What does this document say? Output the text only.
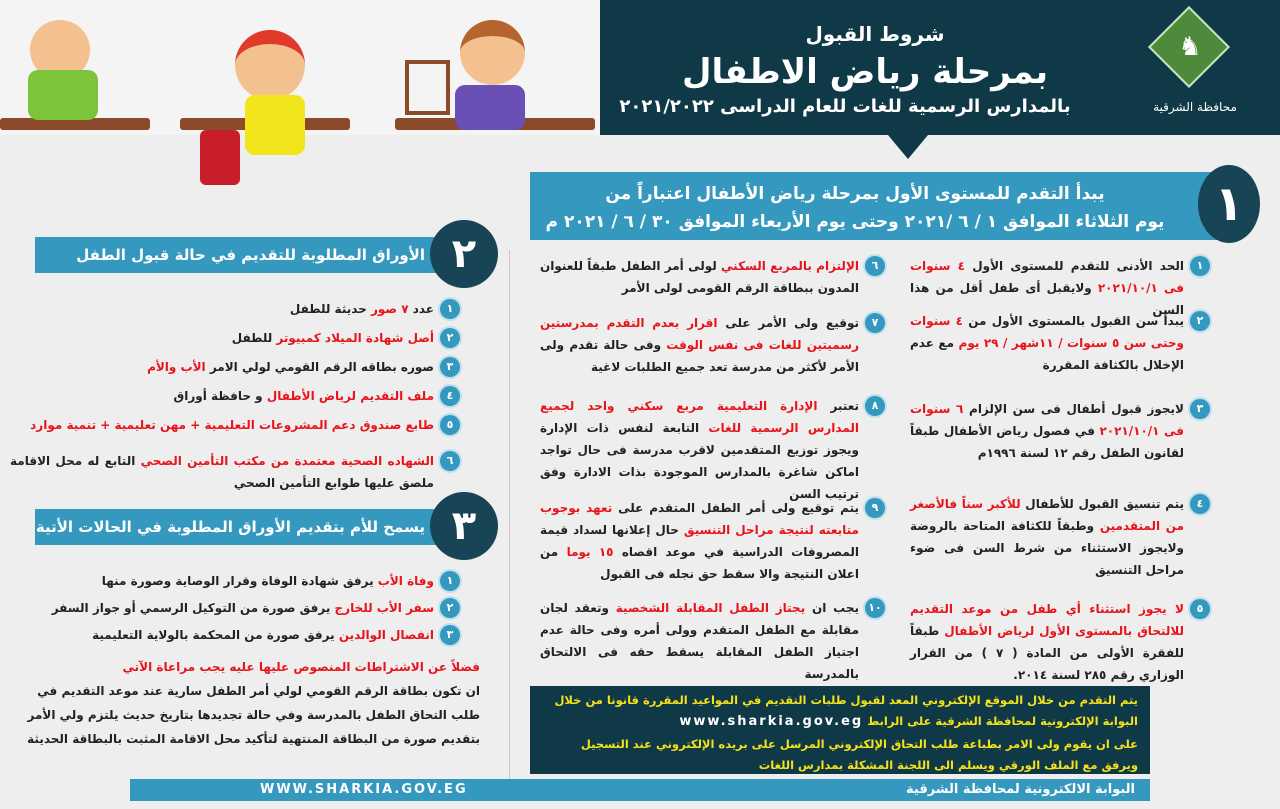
شروط القبول
بمرحلة رياض الاطفال
بالمدارس الرسمية للغات للعام الدراسى ٢٠٢١/٢٠٢٢
♞
محافظة الشرقية
يبدأ التقدم للمستوى الأول بمرحلة رياض الأطفال اعتباراً من
يوم الثلاثاء الموافق ١ / ٦ /٢٠٢١ وحتى يوم الأربعاء الموافق ٣٠ / ٦ / ٢٠٢١ م	١
الأوراق المطلوبة للتقديم في حالة قبول الطفل ٢
يسمح للأم بتقديم الأوراق المطلوبة في الحالات الأتية ٣
١
الحد الأدنى للتقدم للمستوى الأول ٤ سنوات فى ٢٠٢١/١٠/١ ولايقبل أى طفل أقل من هذا السن
٢
يبدأ سن القبول بالمستوى الأول من ٤ سنوات وحتى سن ٥ سنوات / ١١شهر / ٢٩ يوم مع عدم الإخلال بالكثافة المقررة
٣
لايجوز قبول أطفال فى سن الإلزام ٦ سنوات فى ٢٠٢١/١٠/١ في فصول رياض الأطفال طبقاً لقانون الطفل رقم ١٢ لسنة ١٩٩٦م
٤
يتم تنسيق القبول للأطفال للأكبر سناً فالأصغر من المتقدمين وطبقاً للكثافة المتاحة بالروضة ولايجوز الاستثناء من شرط السن فى ضوء مراحل التنسيق
٥
لا يجوز استثناء أي طفل من موعد التقديم للالتحاق بالمستوى الأول لرياض الأطفال طبقاً للفقرة الأولى من المادة ( ٧ ) من القرار الوزاري رقم ٢٨٥ لسنة ٢٠١٤.
٦
الإلتزام بالمربع السكني لولى أمر الطفل طبقاً للعنوان المدون ببطاقة الرقم القومى لولى الأمر
٧
توقيع ولى الأمر على اقرار بعدم التقدم بمدرستين رسميتين للغات فى نفس الوقت وفى حالة تقدم ولى الأمر لأكثر من مدرسة تعد جميع الطلبات لاغية
٨
تعتبر الإدارة التعليمية مربع سكني واحد لجميع المدارس الرسمية للغات التابعة لنفس ذات الإدارة ويجوز توزيع المتقدمين لاقرب مدرسة فى حال تواجد اماكن شاغرة بالمدارس الموجودة بذات الادارة وفق ترتيب السن
٩
يتم توقيع ولى أمر الطفل المتقدم على تعهد بوجوب متابعته لنتيجة مراحل التنسيق حال إعلانها لسداد قيمة المصروفات الدراسية في موعد اقصاه ١٥ يوما من اعلان النتيجة والا سقط حق نجله فى القبول
١٠
يجب ان يجتاز الطفل المقابلة الشخصية وتعقد لجان مقابلة مع الطفل المتقدم وولى أمره وفى حالة عدم اجتياز الطفل المقابلة يسقط حقه فى الالتحاق بالمدرسة
١
عدد ٧ صور حديثة للطفل
٢
أصل شهادة الميلاد كمبيوتر للطفل
٣
صوره بطاقه الرقم القومي لولي الامر الأب والأم
٤
ملف التقديم لرياض الأطفال و حافظة أوراق
٥
طابع صندوق دعم المشروعات التعليمية + مهن تعليمية + تنمية موارد
٦
الشهاده الصحية معتمدة من مكتب التأمين الصحي التابع له محل الاقامة ملصق عليها طوابع التأمين الصحي
١
وفاة الأب يرفق شهادة الوفاة وقرار الوصاية وصورة منها
٢
سفر الأب للخارج يرفق صورة من التوكيل الرسمي أو جواز السفر
٣
انفصال الوالدين يرفق صورة من المحكمة بالولاية التعليمية
فضلاً عن الاشتراطات المنصوص عليها عليه يجب مراعاة الآتي
ان تكون بطاقة الرقم القومي لولي أمر الطفل سارية عند موعد التقديم في طلب التحاق الطفل بالمدرسة وفي حالة تجديدها بتاريخ حديث يلتزم ولي الأمر بتقديم صورة من البطاقة المنتهية لتأكيد محل الاقامة المثبت بالبطاقة الحديثة
يتم التقدم من خلال الموقع الإلكتروني المعد لقبول طلبات التقديم في المواعيد المقررة قانونا من خلال البوابة الإلكترونية لمحافظة الشرقية على الرابط www.sharkia.gov.eg
على ان يقوم ولى الامر بطباعة طلب التحاق الإلكتروني المرسل على بريده الإلكتروني عند التسجيل ويرفق مع الملف الورقي ويسلم الى اللجنة المشكلة بمدارس اللغات
البوابة الالكترونية لمحافظة الشرقية
WWW.SHARKIA.GOV.EG
